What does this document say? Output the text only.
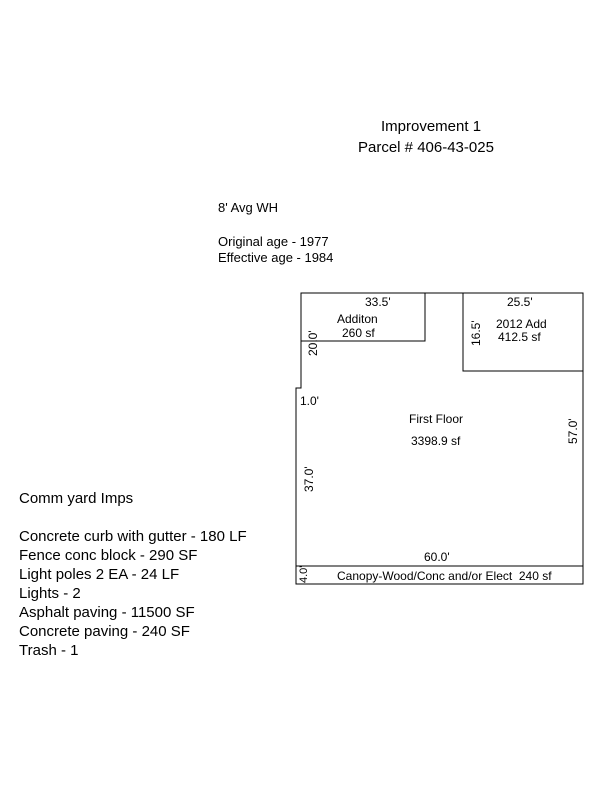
Improvement 1
Parcel # 406-43-025
8' Avg WH
Original age - 1977
Effective age - 1984
33.5'
Additon
260 sf
20.0'
25.5'
2012 Add
412.5 sf
16.5'
1.0'
First Floor
3398.9 sf
37.0'
57.0'
60.0'
4.0' Canopy-Wood/Conc and/or Elect  240 sf
Comm yard Imps
Concrete curb with gutter - 180 LF
Fence conc block - 290 SF
Light poles 2 EA - 24 LF
Lights - 2
Asphalt paving - 11500 SF
Concrete paving - 240 SF
Trash - 1
